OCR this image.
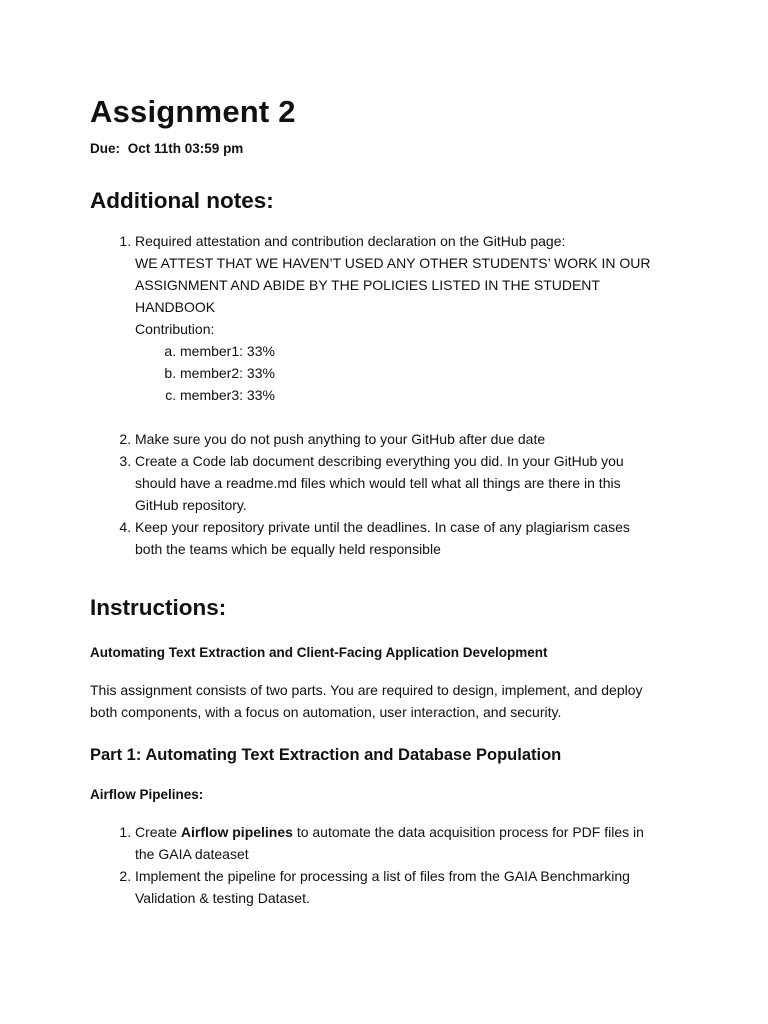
Assignment 2
Due: Oct 11th 03:59 pm
Additional notes:
1. Required attestation and contribution declaration on the GitHub page:
WE ATTEST THAT WE HAVEN’T USED ANY OTHER STUDENTS’ WORK IN OUR
ASSIGNMENT AND ABIDE BY THE POLICIES LISTED IN THE STUDENT HANDBOOK
Contribution:
a. member1: 33%
b. member2: 33%
c. member3: 33%
2. Make sure you do not push anything to your GitHub after due date
3. Create a Code lab document describing everything you did. In your GitHub you
should have a readme.md files which would tell what all things are there in this
GitHub repository.
4. Keep your repository private until the deadlines. In case of any plagiarism cases
both the teams which be equally held responsible
Instructions:
Automating Text Extraction and Client-Facing Application Development
This assignment consists of two parts. You are required to design, implement, and deploy
both components, with a focus on automation, user interaction, and security.
Part 1: Automating Text Extraction and Database Population
Airflow Pipelines:
1. Create Airflow pipelines to automate the data acquisition process for PDF files in
the GAIA dateaset
2. Implement the pipeline for processing a list of files from the GAIA Benchmarking
Validation & testing Dataset.
